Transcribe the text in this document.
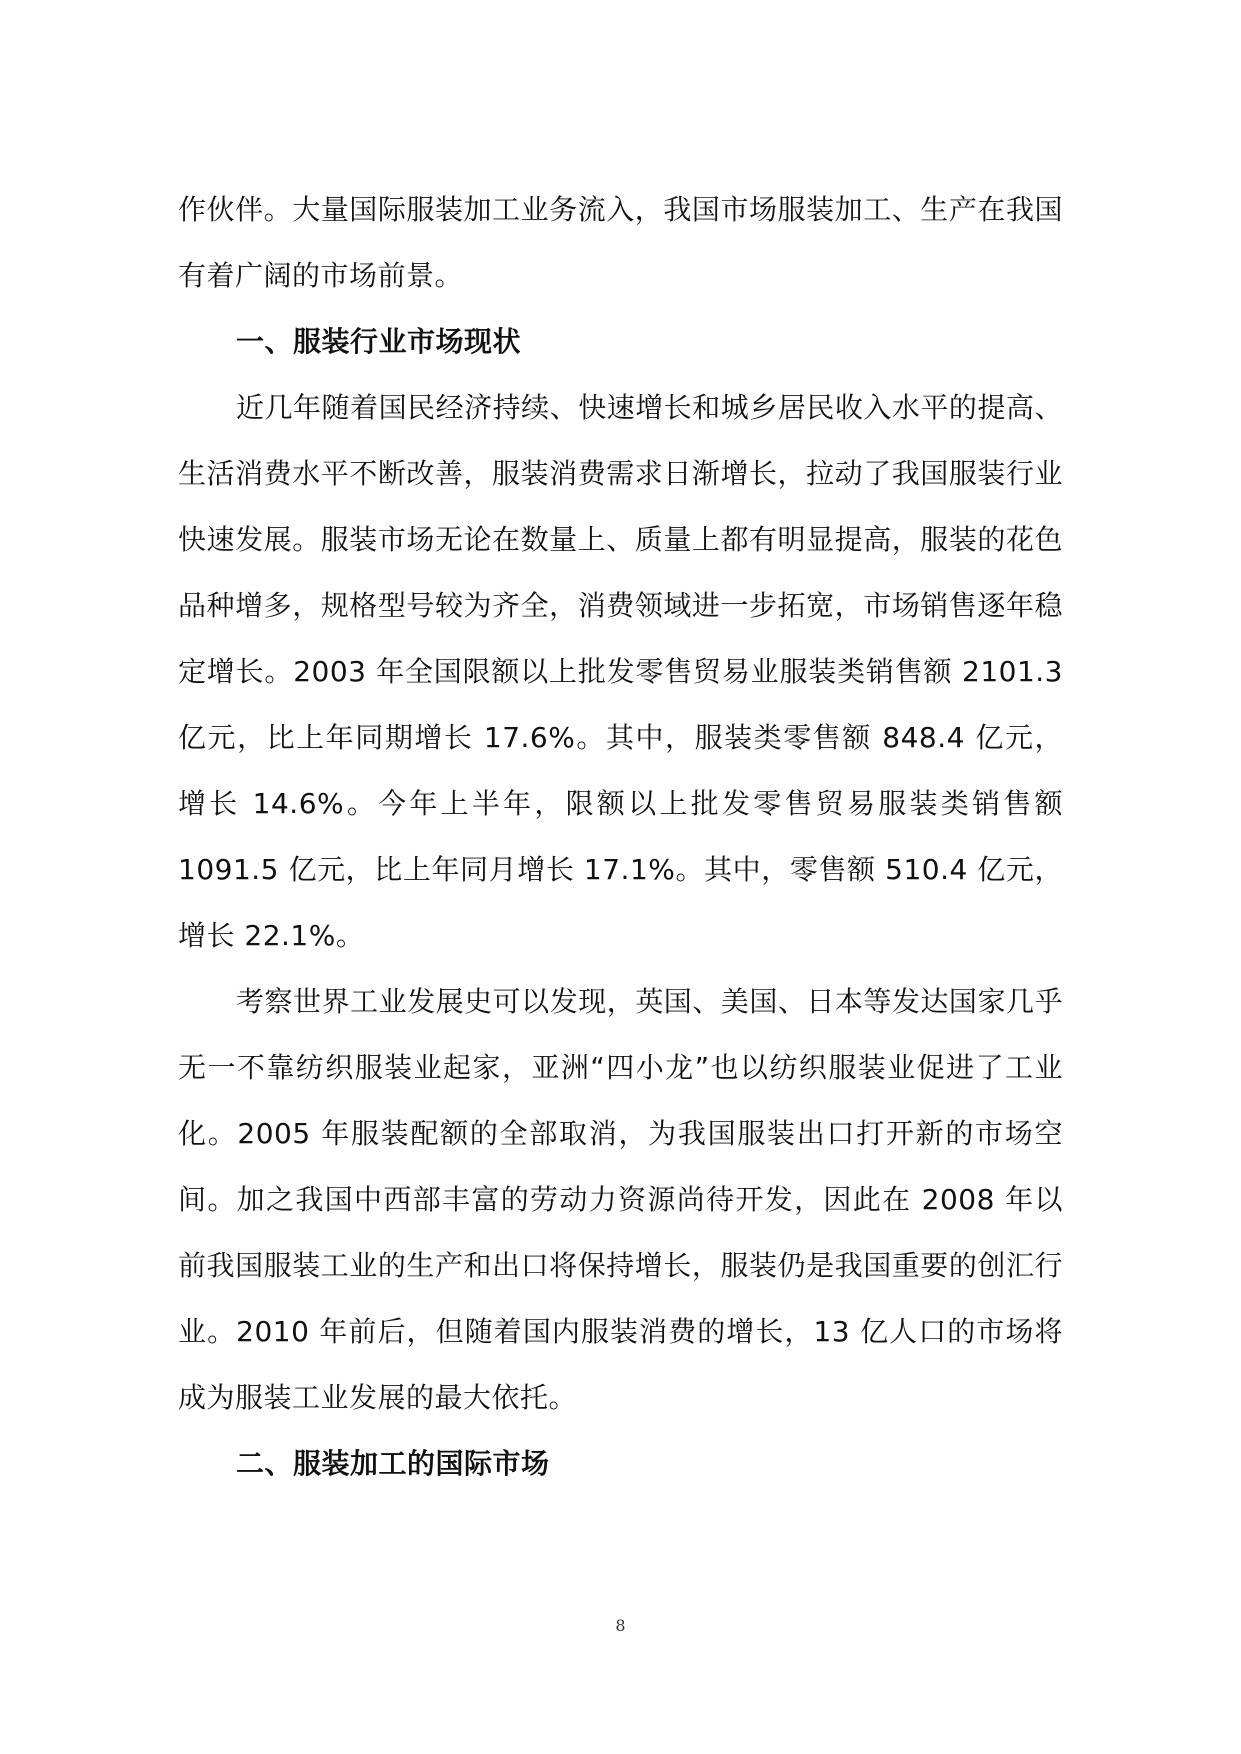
作伙伴。大量国际服装加工业务流入，我国市场服装加工、生产在我国有着广阔的市场前景。

一、服装行业市场现状

近几年随着国民经济持续、快速增长和城乡居民收入水平的提高、生活消费水平不断改善，服装消费需求日渐增长，拉动了我国服装行业快速发展。服装市场无论在数量上、质量上都有明显提高，服装的花色品种增多，规格型号较为齐全，消费领域进一步拓宽，市场销售逐年稳定增长。2003 年全国限额以上批发零售贸易业服装类销售额 2101.3 亿元，比上年同期增长 17.6%。其中，服装类零售额 848.4 亿元，增长 14.6%。今年上半年，限额以上批发零售贸易服装类销售额 1091.5 亿元，比上年同月增长 17.1%。其中，零售额 510.4 亿元，增长 22.1%。

考察世界工业发展史可以发现，英国、美国、日本等发达国家几乎无一不靠纺织服装业起家，亚洲“四小龙”也以纺织服装业促进了工业化。2005 年服装配额的全部取消，为我国服装出口打开新的市场空间。加之我国中西部丰富的劳动力资源尚待开发，因此在 2008 年以前我国服装工业的生产和出口将保持增长，服装仍是我国重要的创汇行业。2010 年前后，但随着国内服装消费的增长，13 亿人口的市场将成为服装工业发展的最大依托。

二、服装加工的国际市场

8
